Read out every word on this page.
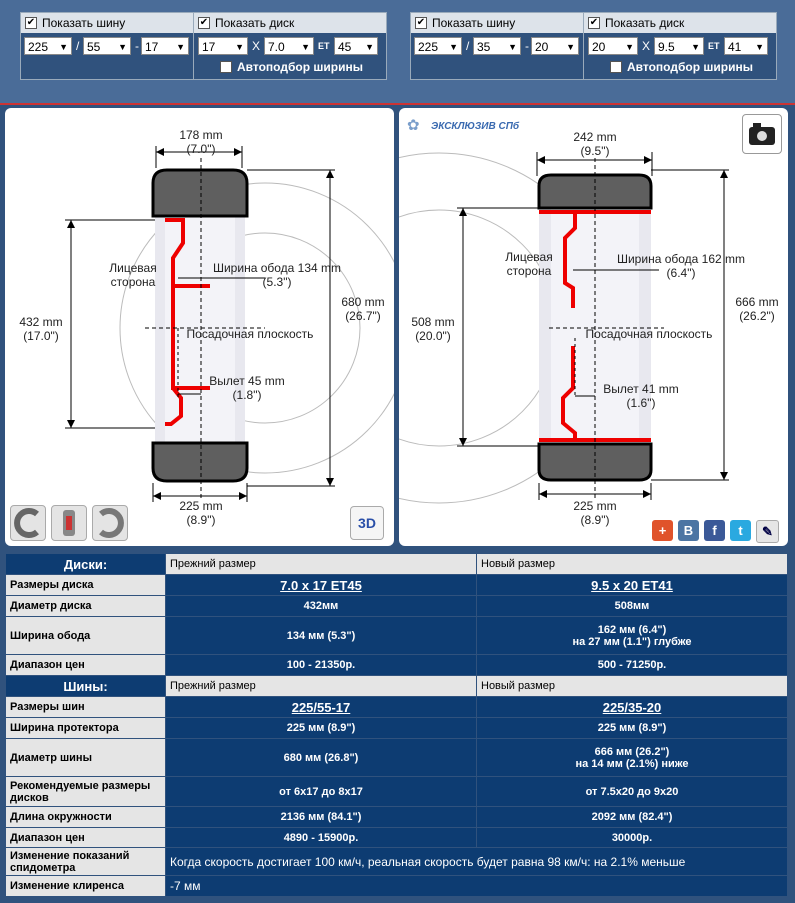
✔ Показать шину
225 ▼ / 55 ▼ - 17 ▼
✔ Показать диск
17 ▼ X 7.0 ▼ ET 45 ▼
Автоподбор ширины
✔ Показать шину
225 ▼ / 35 ▼ - 20 ▼
✔ Показать диск
20 ▼ X 9.5 ▼ ET 41 ▼
Автоподбор ширины
178 mm
(7.0")
432 mm
(17.0")
680 mm
(26.7")
Ширина обода 134 mm
(5.3")
Лицевая
сторона
Посадочная плоскость
Вылет 45 mm
(1.8")
225 mm
(8.9")	3D
✿ ЭКСКЛЮЗИВ СПб
242 mm
(9.5")
508 mm
(20.0")
666 mm
(26.2")
Ширина обода 162 mm
(6.4")
Лицевая
сторона
Посадочная плоскость
Вылет 41 mm
(1.6")
225 mm
(8.9")
+	B	f	t	✎
Диски:	Прежний размер	Новый размер
Размеры диска	7.0 x 17 ET45	9.5 x 20 ET41
Диаметр диска	432мм	508мм
Ширина обода	134 мм (5.3")	162 мм (6.4")
на 27 мм (1.1") глубже

Диапазон цен	100 - 21350р.	500 - 71250р.
Шины:	Прежний размер	Новый размер
Размеры шин	225/55-17	225/35-20
Ширина протектора	225 мм (8.9")	225 мм (8.9")
Диаметр шины	680 мм (26.8")	666 мм (26.2")
на 14 мм (2.1%) ниже

Рекомендуемые размеры дисков	от 6x17 до 8x17	от 7.5x20 до 9x20
Длина окружности	2136 мм (84.1")	2092 мм (82.4")
Диапазон цен	4890 - 15900р.	30000р.
Изменение показаний спидометра	Когда скорость достигает 100 км/ч, реальная скорость будет равна 98 км/ч: на 2.1% меньше
Изменение клиренса	-7 мм
